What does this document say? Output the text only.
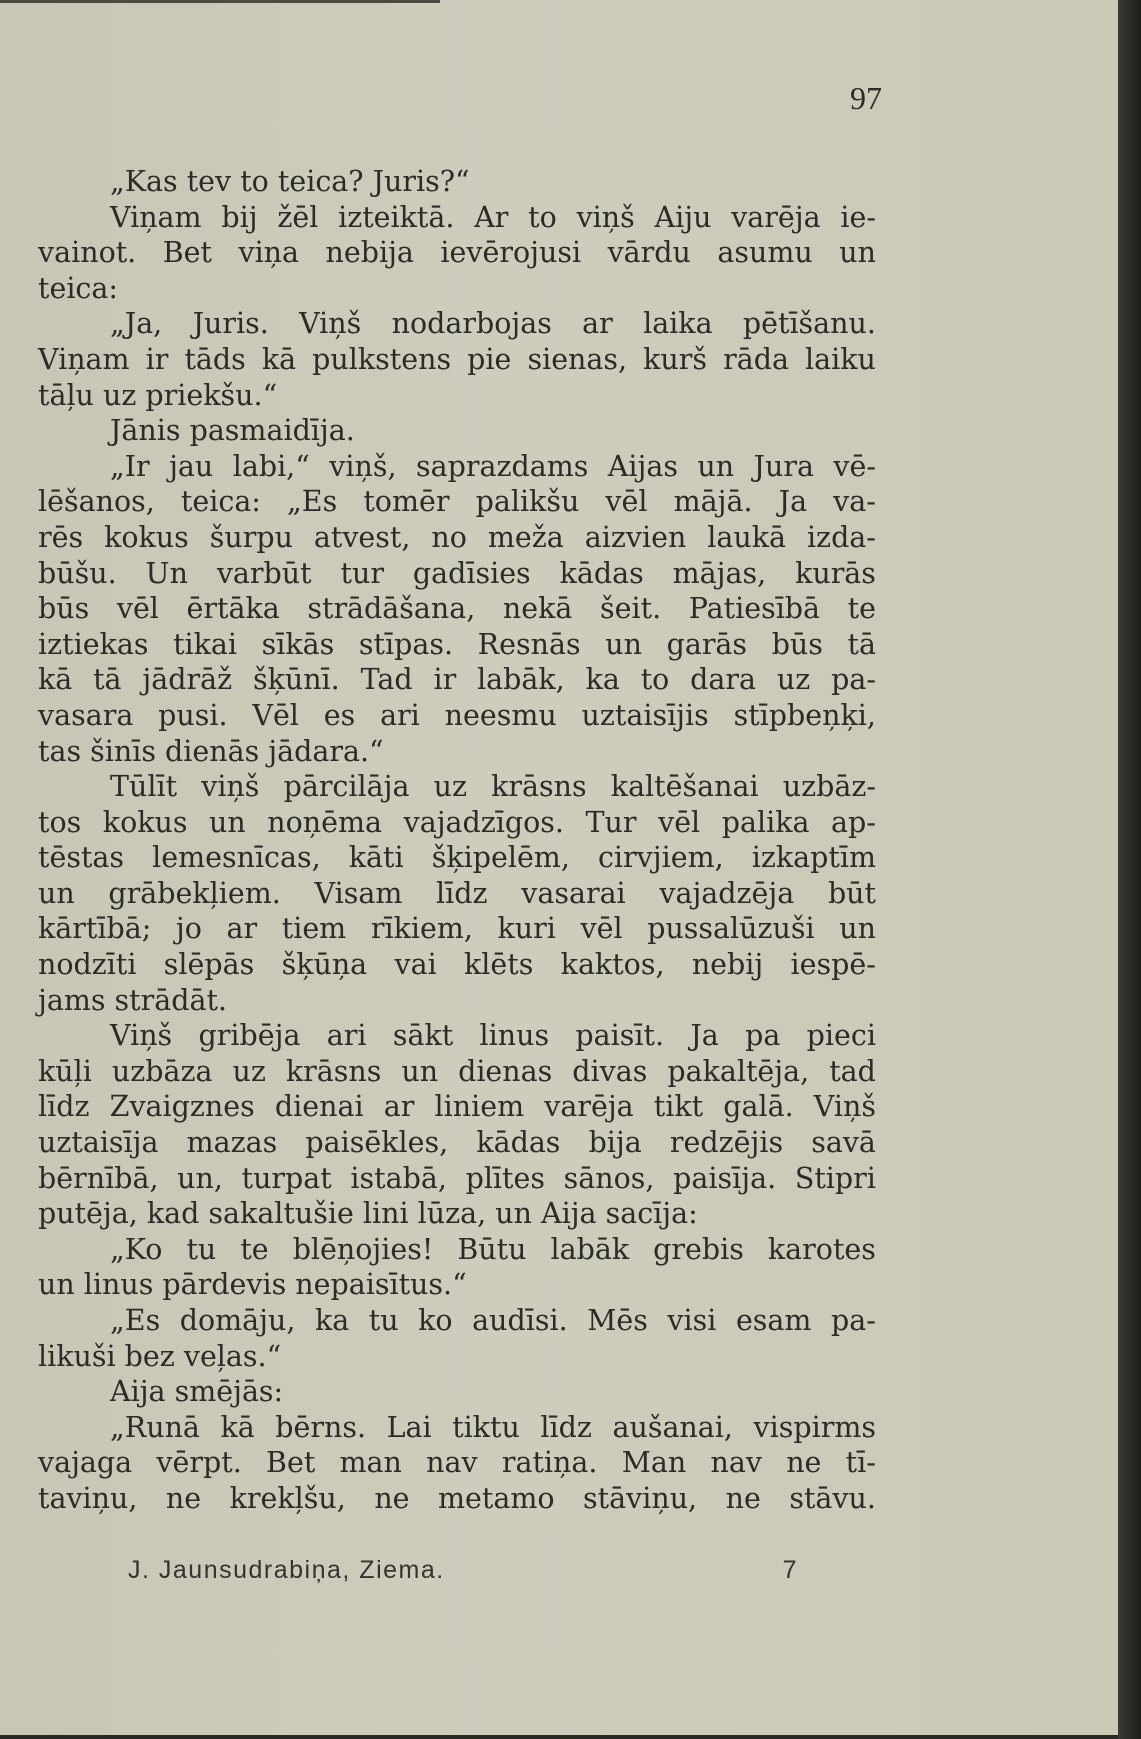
97
„Kas tev to teica? Juris?“
Viņam bij žēl izteiktā. Ar to viņš Aiju varēja ie-
vainot. Bet viņa nebija ievērojusi vārdu asumu un
teica:
„Ja, Juris. Viņš nodarbojas ar laika pētīšanu.
Viņam ir tāds kā pulkstens pie sienas, kurš rāda laiku
tāļu uz priekšu.“
Jānis pasmaidīja.
„Ir jau labi,“ viņš, saprazdams Aijas un Jura vē-
lēšanos, teica: „Es tomēr palikšu vēl mājā. Ja va-
rēs kokus šurpu atvest, no meža aizvien laukā izda-
būšu. Un varbūt tur gadīsies kādas mājas, kurās
būs vēl ērtāka strādāšana, nekā šeit. Patiesībā te
iztiekas tikai sīkās stīpas. Resnās un garās būs tā
kā tā jādrāž šķūnī. Tad ir labāk, ka to dara uz pa-
vasara pusi. Vēl es ari neesmu uztaisījis stīpbeņķi,
tas šinīs dienās jādara.“
Tūlīt viņš pārcilāja uz krāsns kaltēšanai uzbāz-
tos kokus un noņēma vajadzīgos. Tur vēl palika ap-
tēstas lemesnīcas, kāti šķipelēm, cirvjiem, izkaptīm
un grābekļiem. Visam līdz vasarai vajadzēja būt
kārtībā; jo ar tiem rīkiem, kuri vēl pussalūzuši un
nodzīti slēpās šķūņa vai klēts kaktos, nebij iespē-
jams strādāt.
Viņš gribēja ari sākt linus paisīt. Ja pa pieci
kūļi uzbāza uz krāsns un dienas divas pakaltēja, tad
līdz Zvaigznes dienai ar liniem varēja tikt galā. Viņš
uztaisīja mazas paisēkles, kādas bija redzējis savā
bērnībā, un, turpat istabā, plītes sānos, paisīja. Stipri
putēja, kad sakaltušie lini lūza, un Aija sacīja:
„Ko tu te blēņojies! Būtu labāk grebis karotes
un linus pārdevis nepaisītus.“
„Es domāju, ka tu ko audīsi. Mēs visi esam pa-
likuši bez veļas.“
Aija smējās:
„Runā kā bērns. Lai tiktu līdz aušanai, vispirms
vajaga vērpt. Bet man nav ratiņa. Man nav ne tī-
taviņu, ne krekļšu, ne metamo stāviņu, ne stāvu.
J. Jaunsudrabiņa, Ziema.	7
